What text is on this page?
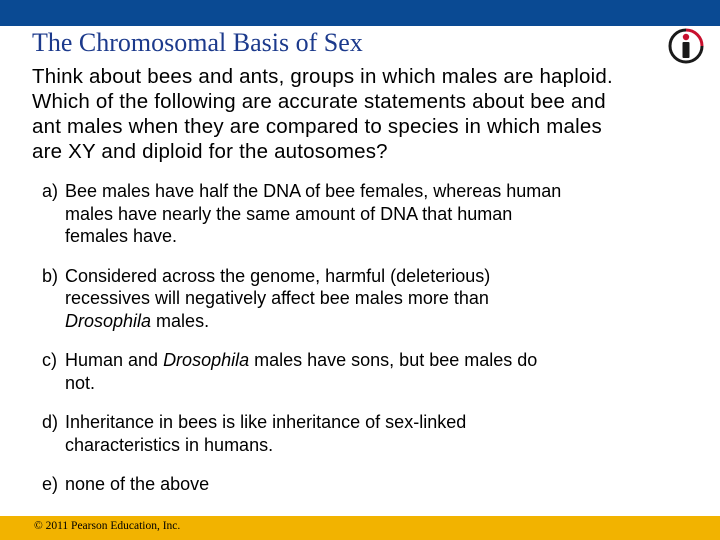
The Chromosomal Basis of Sex
Think about bees and ants, groups in which males are haploid.
Which of the following are accurate statements about bee and
ant males when they are compared to species in which males
are XY and diploid for the autosomes?
a) Bee males have half the DNA of bee females, whereas human
males have nearly the same amount of DNA that human
females have.
b) Considered across the genome, harmful (deleterious)
recessives will negatively affect bee males more than
Drosophila males.
c) Human and Drosophila males have sons, but bee males do
not.
d) Inheritance in bees is like inheritance of sex-linked
characteristics in humans.
e) none of the above
© 2011 Pearson Education, Inc.
